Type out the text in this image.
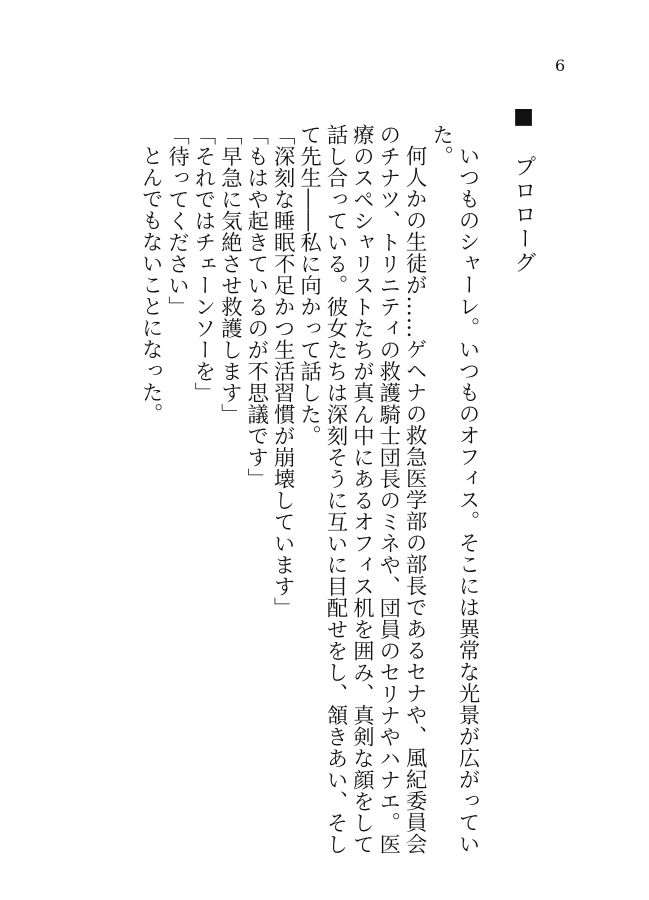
6
■　プロローグ

いつものシャーレ。いつものオフィス。そこには異常な光景が広がっていた。

何人かの生徒が……ゲヘナの救急医学部の部長であるセナや、風紀委員会のチナツ、トリニティの救護騎士団長のミネや、団員のセリナやハナエ。医療のスペシャリストたちが真ん中にあるオフィス机を囲み、真剣な顔をして話し合っている。彼女たちは深刻そうに互いに目配せをし、頷きあい、そして先生――私に向かって話した。

「深刻な睡眠不足かつ生活習慣が崩壊しています」

「もはや起きているのが不思議です」

「早急に気絶させ救護します」

「それではチェーンソーを」

「待ってください」

とんでもないことになった。
